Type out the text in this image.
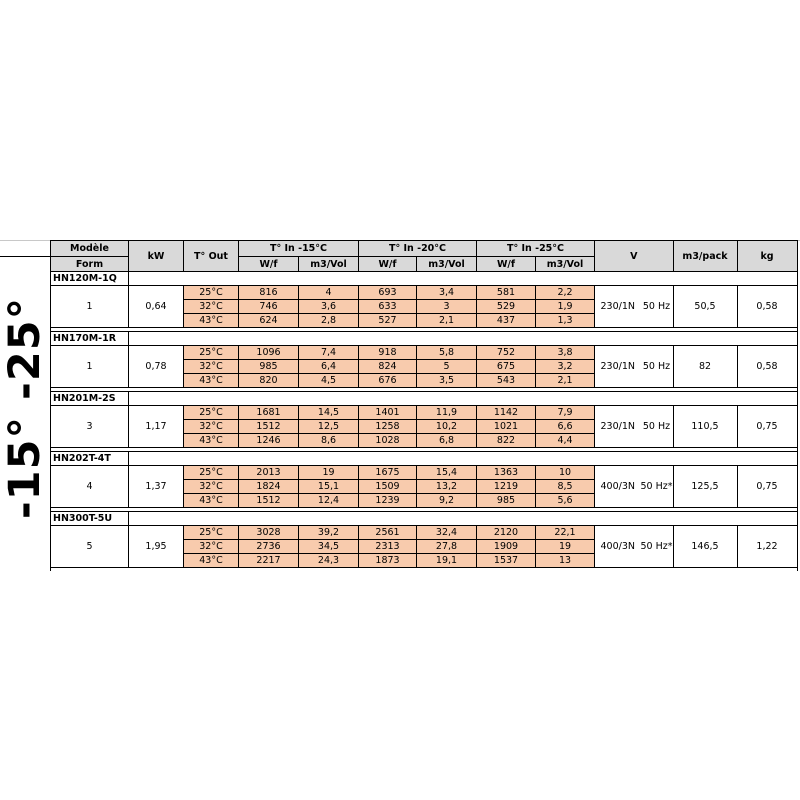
-15° -25°
Modèle	kW	T° Out	T° In -15°C		T° In -20°C		T° In -25°C		V		m3/pack	kg
Form			W/f	m3/Vol	W/f	m3/Vol	W/f	m3/Vol				
HN120M-1Q												
1	0,64	25°C	816	4	693	3,4	581	2,2	230/1N	50 Hz	50,5	0,58
		32°C	746	3,6	633	3	529	1,9				
		43°C	624	2,8	527	2,1	437	1,3				

HN170M-1R												
1	0,78	25°C	1096	7,4	918	5,8	752	3,8	230/1N	50 Hz	82	0,58
		32°C	985	6,4	824	5	675	3,2				
		43°C	820	4,5	676	3,5	543	2,1				

HN201M-2S												
3	1,17	25°C	1681	14,5	1401	11,9	1142	7,9	230/1N	50 Hz	110,5	0,75
		32°C	1512	12,5	1258	10,2	1021	6,6				
		43°C	1246	8,6	1028	6,8	822	4,4				

HN202T-4T												
4	1,37	25°C	2013	19	1675	15,4	1363	10	400/3N	50 Hz*	125,5	0,75
		32°C	1824	15,1	1509	13,2	1219	8,5				
		43°C	1512	12,4	1239	9,2	985	5,6				

HN300T-5U												
5	1,95	25°C	3028	39,2	2561	32,4	2120	22,1	400/3N	50 Hz*	146,5	1,22
		32°C	2736	34,5	2313	27,8	1909	19				
		43°C	2217	24,3	1873	19,1	1537	13				
